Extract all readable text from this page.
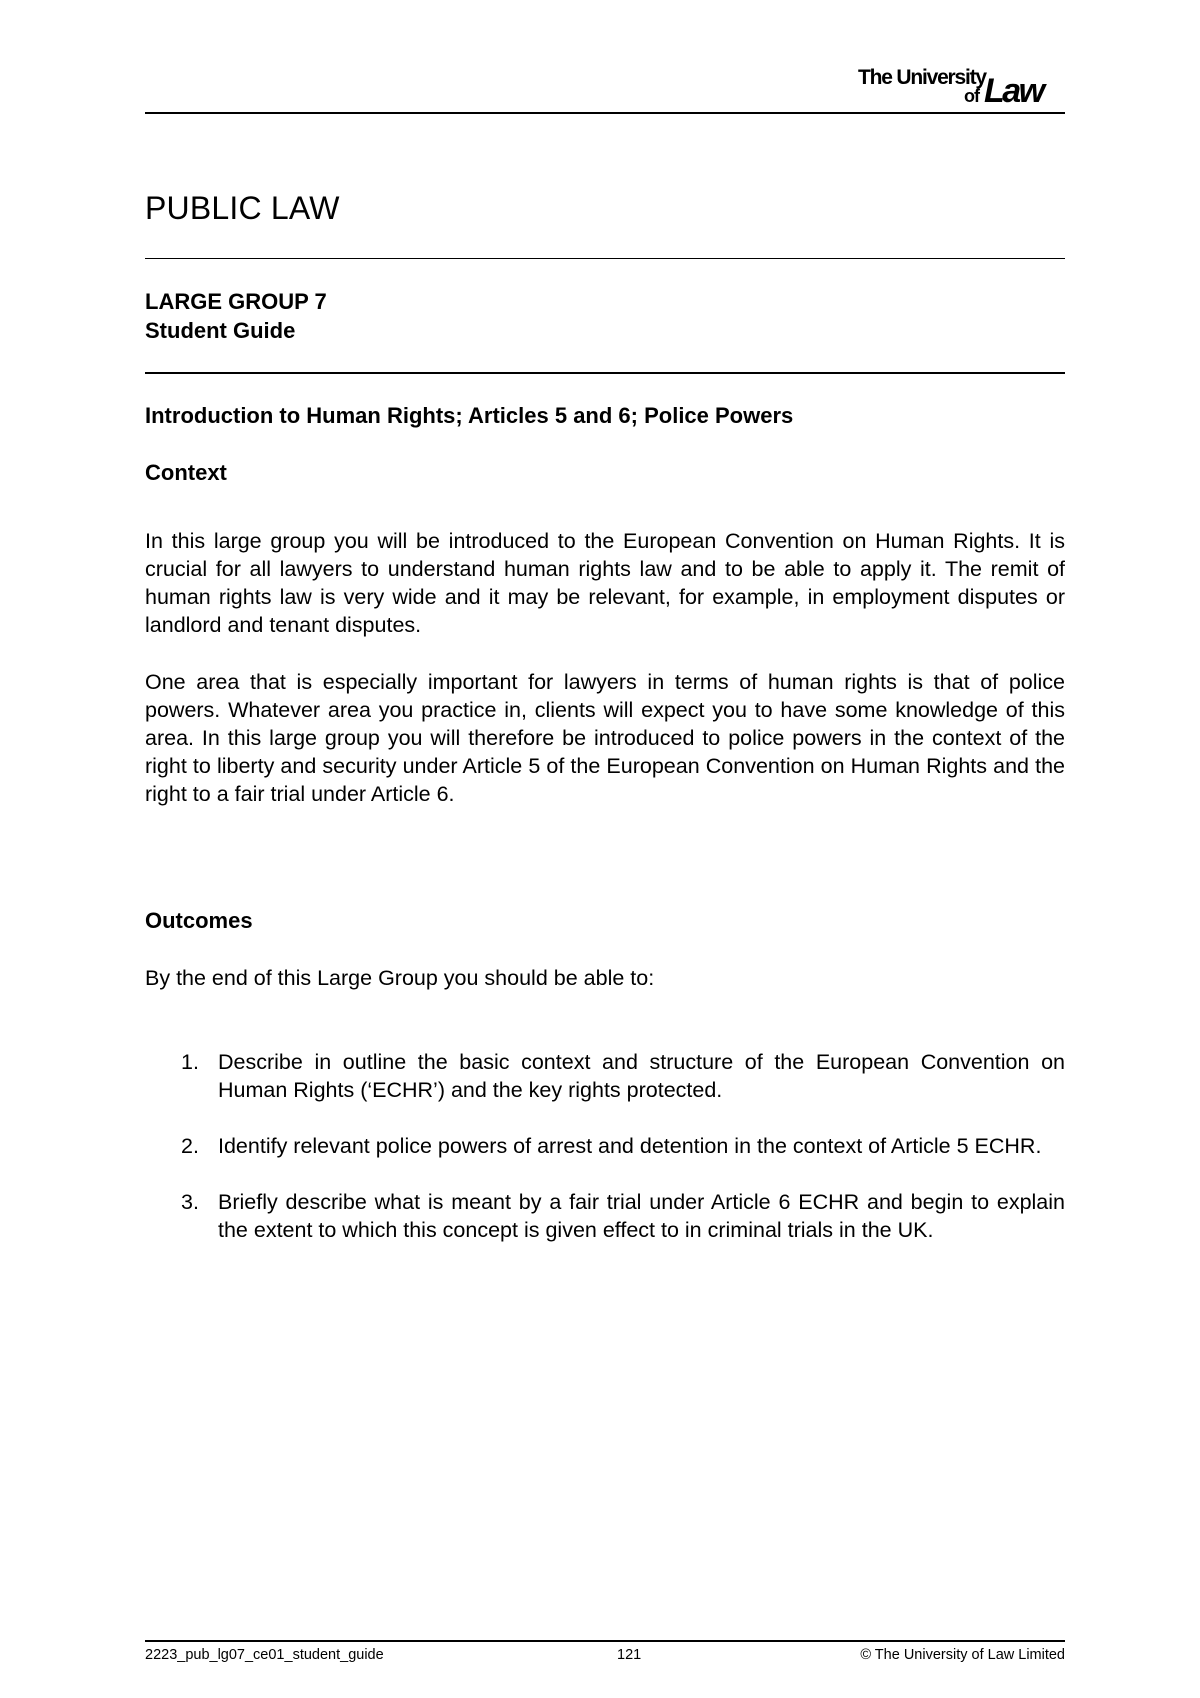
The University
of Law
PUBLIC LAW
LARGE GROUP 7
Student Guide
Introduction to Human Rights; Articles 5 and 6; Police Powers
Context

In this large group you will be introduced to the European Convention on Human Rights. It is crucial for all lawyers to understand human rights law and to be able to apply it. The remit of human rights law is very wide and it may be relevant, for example, in employment disputes or landlord and tenant disputes.

One area that is especially important for lawyers in terms of human rights is that of police powers. Whatever area you practice in, clients will expect you to have some knowledge of this area. In this large group you will therefore be introduced to police powers in the context of the right to liberty and security under Article 5 of the European Convention on Human Rights and the right to a fair trial under Article 6.

Outcomes

By the end of this Large Group you should be able to:

1. Describe in outline the basic context and structure of the European Convention on Human Rights (‘ECHR’) and the key rights protected.
2. Identify relevant police powers of arrest and detention in the context of Article 5 ECHR.
3. Briefly describe what is meant by a fair trial under Article 6 ECHR and begin to explain the extent to which this concept is given effect to in criminal trials in the UK.
2223_pub_lg07_ce01_student_guide	121	© The University of Law Limited
